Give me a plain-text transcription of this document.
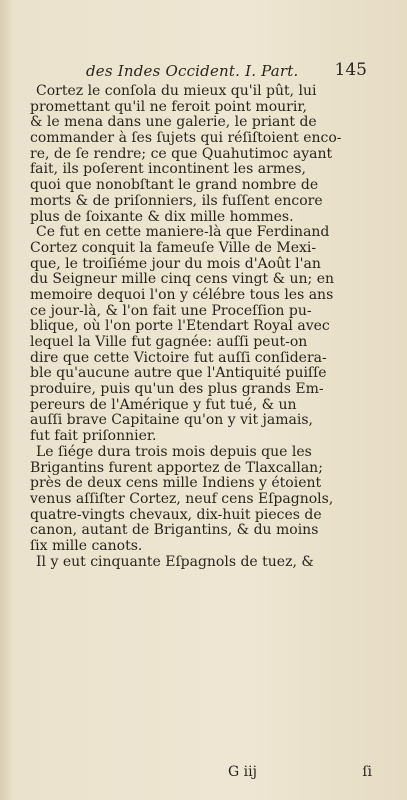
des Indes Occident. I. Part. 145
Cortez le conſola du mieux qu'il pût, lui
promettant qu'il ne feroit point mourir,
& le mena dans une galerie, le priant de
commander à ſes ſujets qui réſiſtoient enco-
re, de ſe rendre; ce que Quahutimoc ayant
fait, ils poſerent incontinent les armes,
quoi que nonobſtant le grand nombre de
morts & de priſonniers, ils fuſſent encore
plus de ſoixante & dix mille hommes.
Ce fut en cette maniere-là que Ferdinand
Cortez conquit la fameuſe Ville de Mexi-
que, le troiſiéme jour du mois d'Août l'an
du Seigneur mille cinq cens vingt & un; en
memoire dequoi l'on y célébre tous les ans
ce jour-là, & l'on fait une Proceſſion pu-
blique, où l'on porte l'Etendart Royal avec
lequel la Ville fut gagnée: auſſi peut-on
dire que cette Victoire fut auſſi conſidera-
ble qu'aucune autre que l'Antiquité puiſſe
produire, puis qu'un des plus grands Em-
pereurs de l'Amérique y fut tué, & un
auſſi brave Capitaine qu'on y vit jamais,
fut fait priſonnier.
Le ſiége dura trois mois depuis que les
Brigantins furent apportez de Tlaxcallan;
près de deux cens mille Indiens y étoient
venus aſſiſter Cortez, neuf cens Eſpagnols,
quatre-vingts chevaux, dix-huit pieces de
canon, autant de Brigantins, & du moins
ſix mille canots.
Il y eut cinquante Eſpagnols de tuez, &
G iij	ſi
